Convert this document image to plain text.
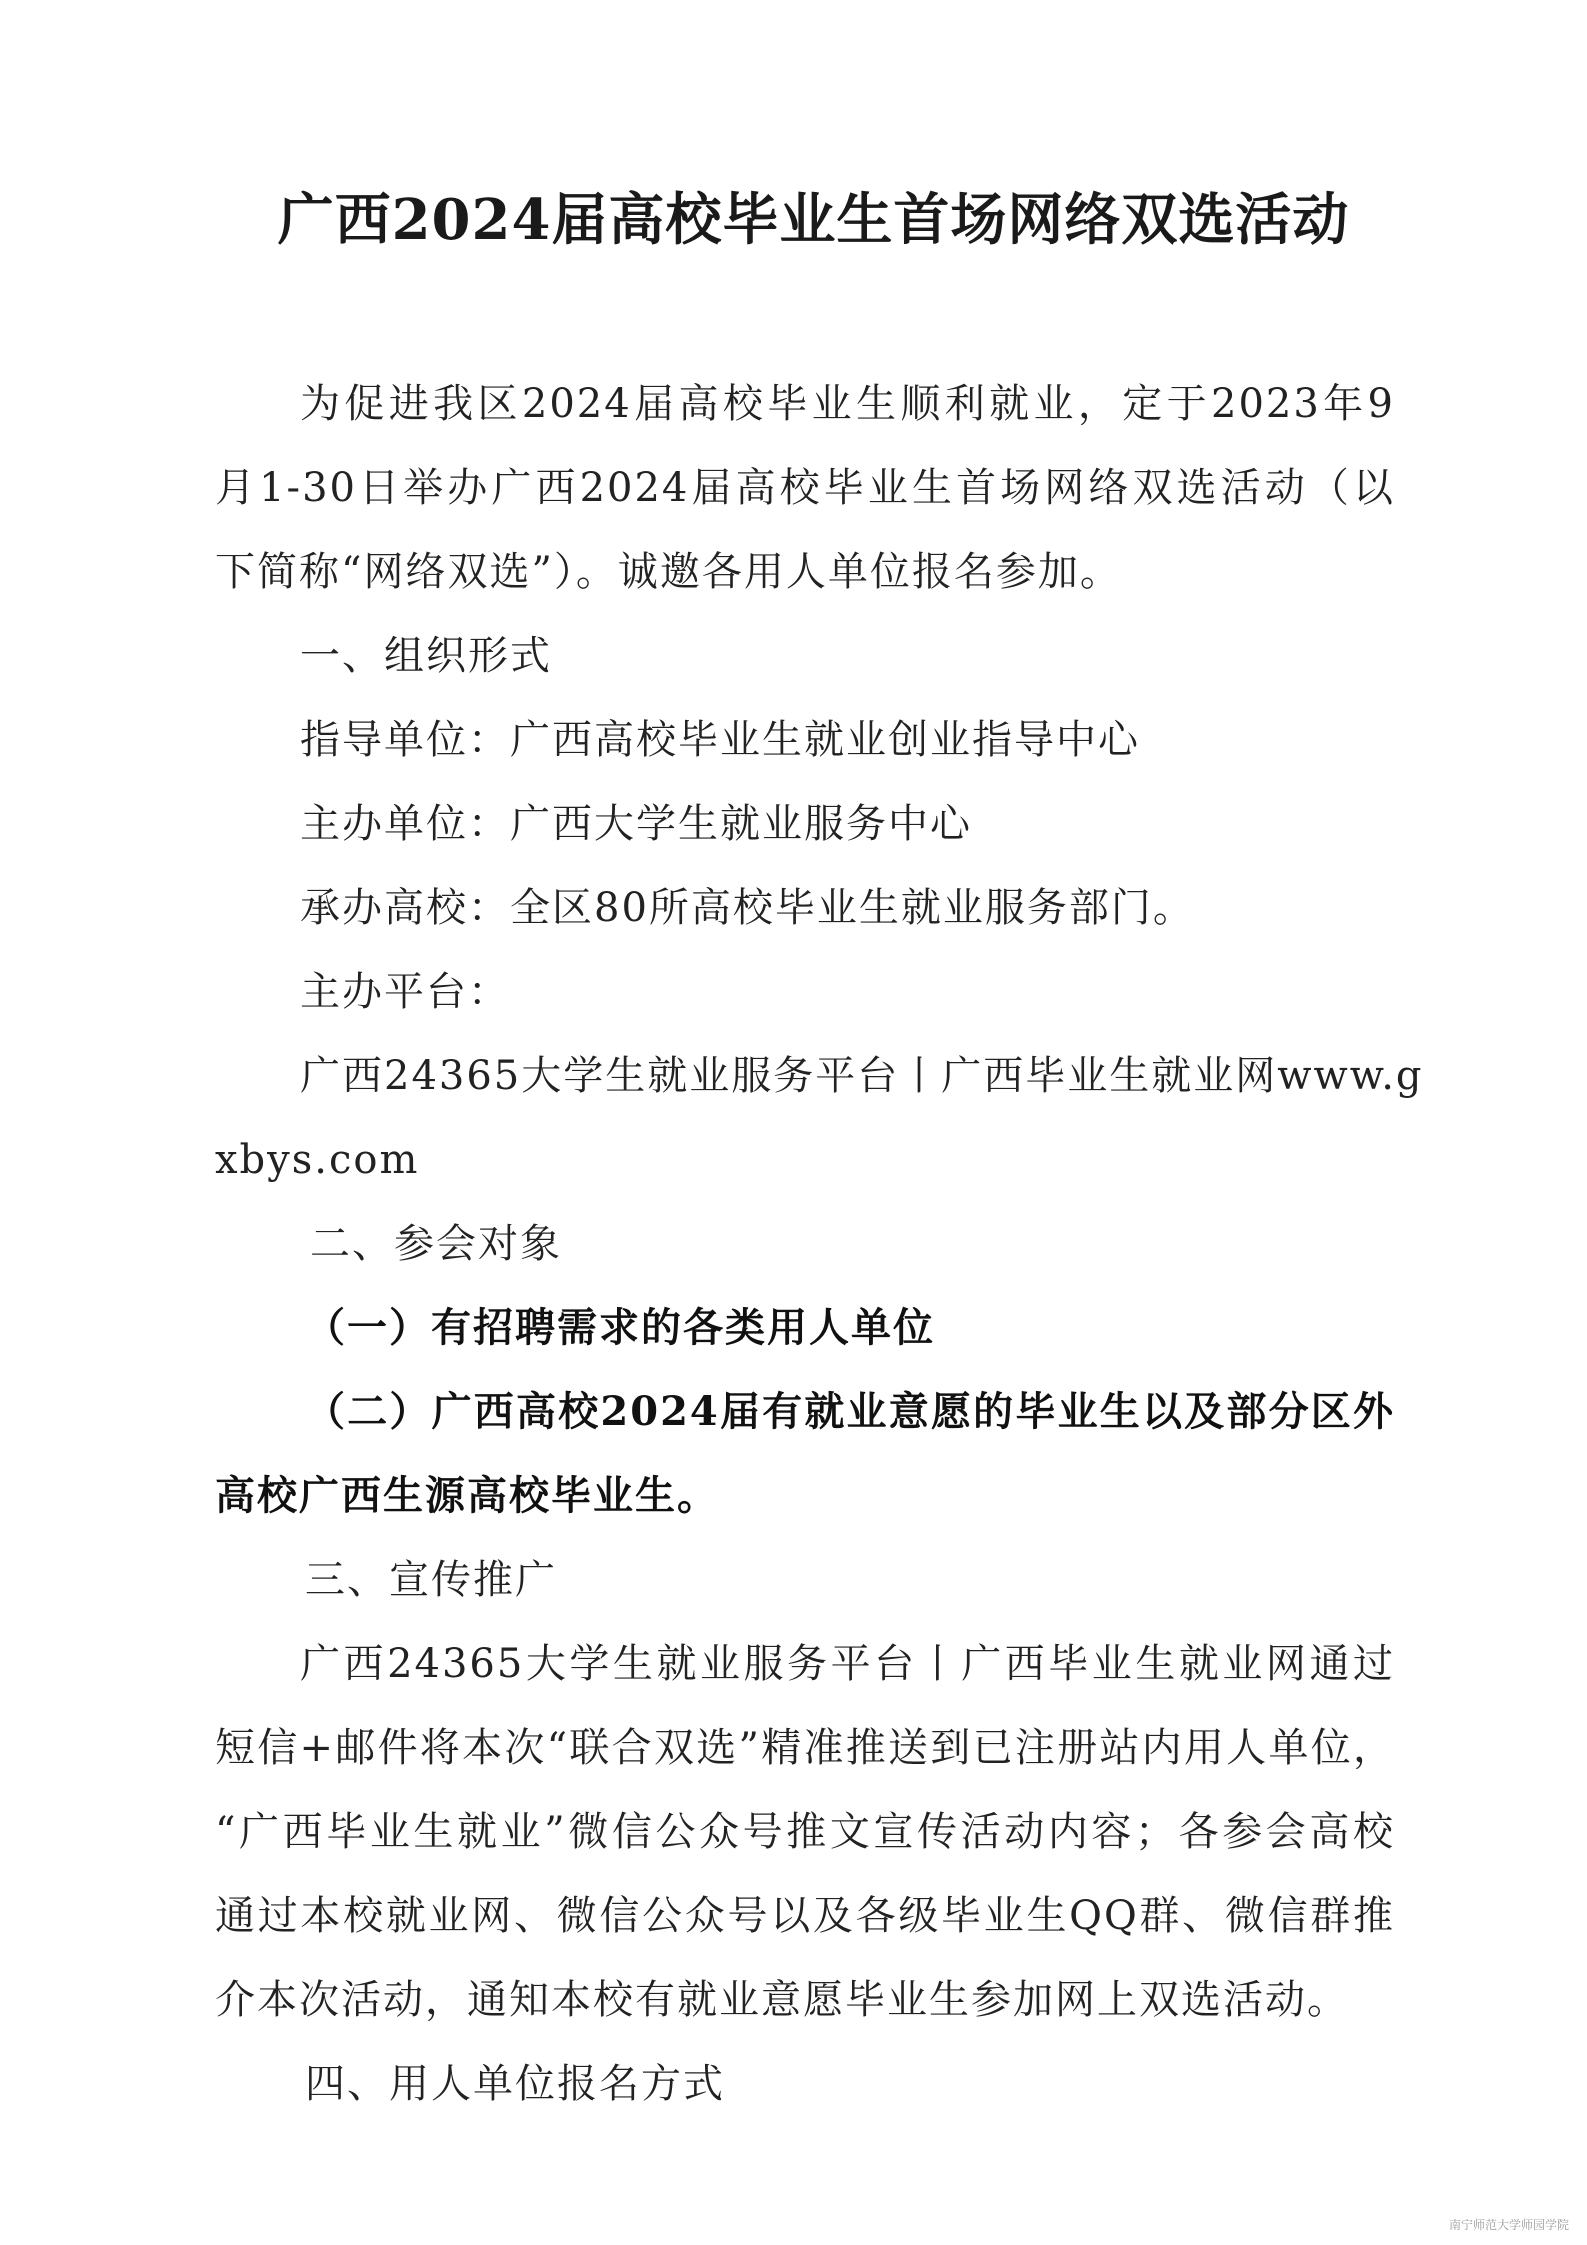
广西2024届高校毕业生首场网络双选活动
为促进我区2024届高校毕业生顺利就业，定于2023年9
月1-30日举办广西2024届高校毕业生首场网络双选活动（以
下简称“网络双选”）。诚邀各用人单位报名参加。
一、组织形式
指导单位：广西高校毕业生就业创业指导中心
主办单位：广西大学生就业服务中心
承办高校：全区80所高校毕业生就业服务部门。
主办平台：
广西24365大学生就业服务平台丨广西毕业生就业网www.g
xbys.com
二、参会对象
（一）有招聘需求的各类用人单位
（二）广西高校2024届有就业意愿的毕业生以及部分区外
高校广西生源高校毕业生。
三、宣传推广
广西24365大学生就业服务平台丨广西毕业生就业网通过
短信+邮件将本次“联合双选”精准推送到已注册站内用人单位，
“广西毕业生就业”微信公众号推文宣传活动内容；各参会高校
通过本校就业网、微信公众号以及各级毕业生QQ群、微信群推
介本次活动，通知本校有就业意愿毕业生参加网上双选活动。
四、用人单位报名方式
南宁师范大学师园学院
